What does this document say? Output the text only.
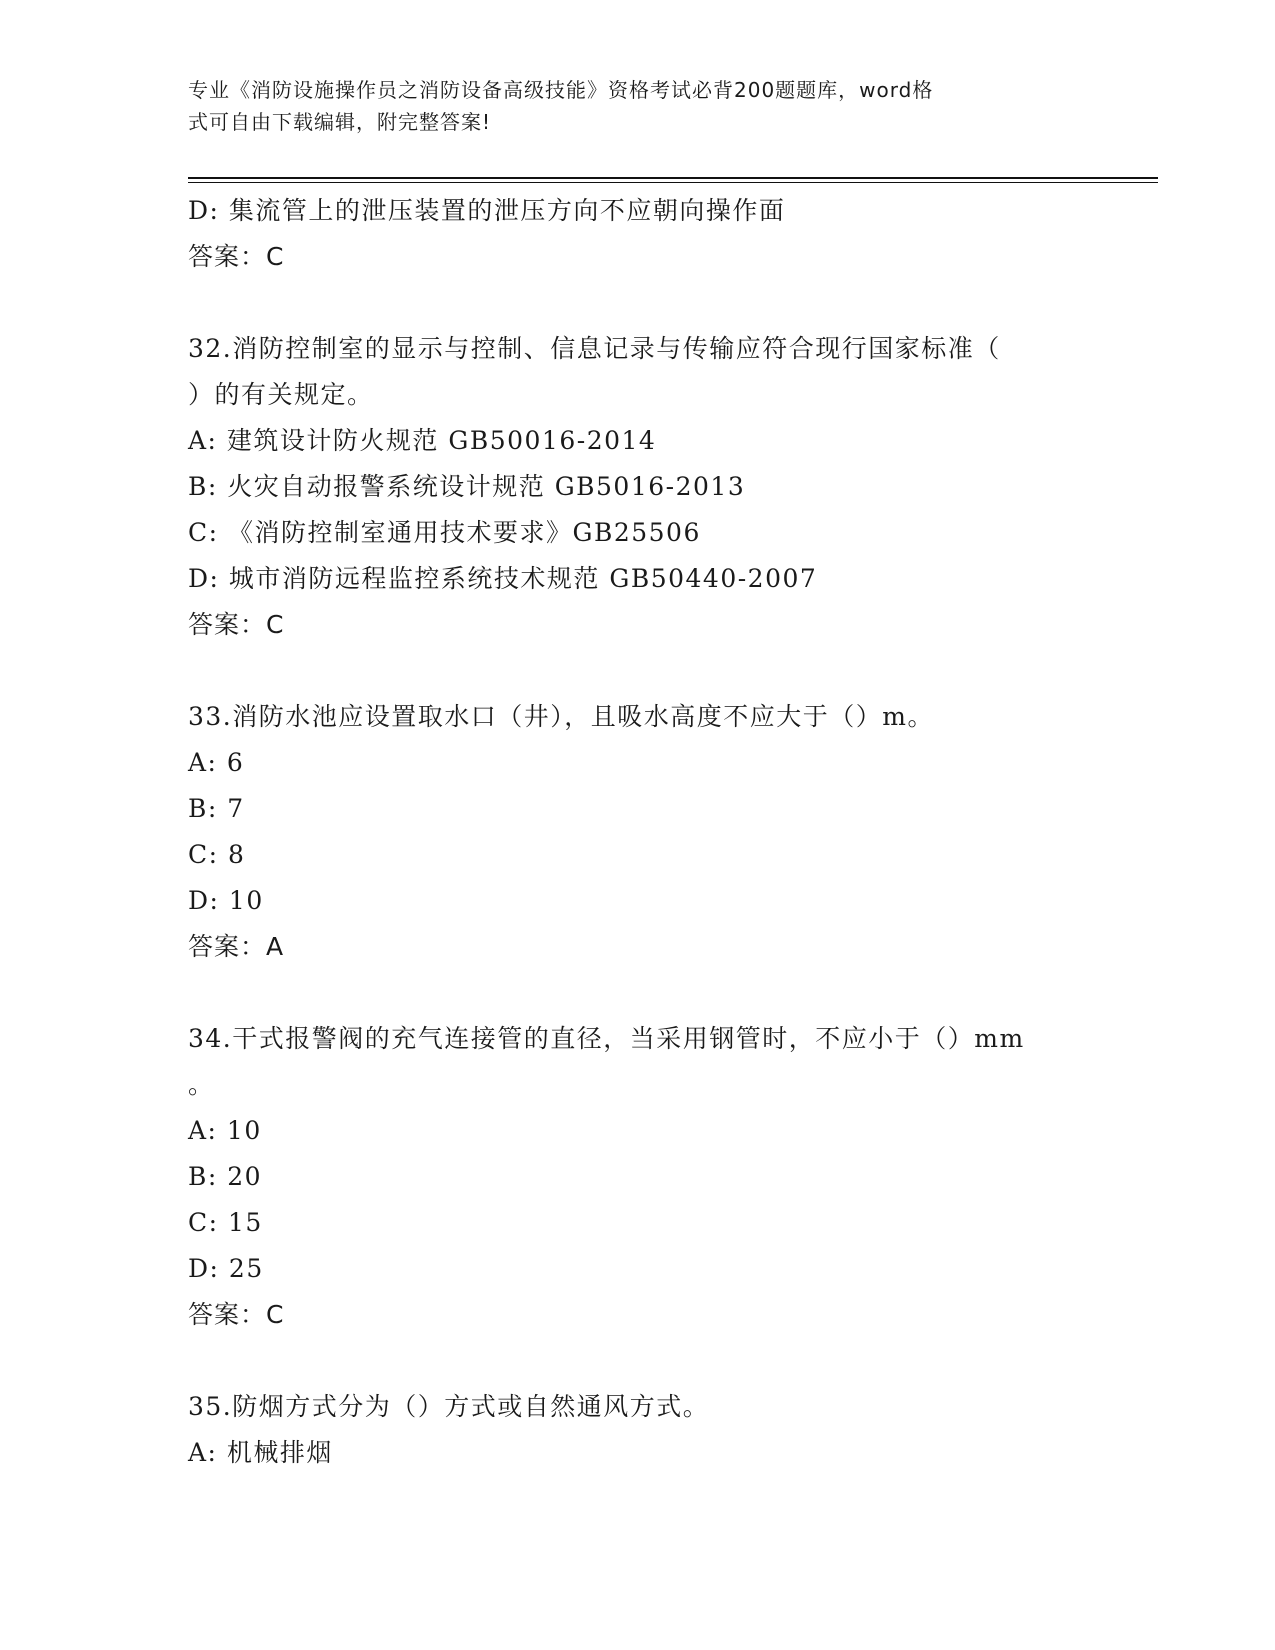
专业《消防设施操作员之消防设备高级技能》资格考试必背200题题库，word格
式可自由下载编辑，附完整答案!
D: 集流管上的泄压装置的泄压方向不应朝向操作面
答案：C
32.消防控制室的显示与控制、信息记录与传输应符合现行国家标准（
）的有关规定。
A: 建筑设计防火规范 GB50016-2014
B: 火灾自动报警系统设计规范 GB5016-2013
C: 《消防控制室通用技术要求》GB25506
D: 城市消防远程监控系统技术规范 GB50440-2007
答案：C
33.消防水池应设置取水口（井），且吸水高度不应大于（）m。
A: 6
B: 7
C: 8
D: 10
答案：A
34.干式报警阀的充气连接管的直径，当采用钢管时，不应小于（）mm
。
A: 10
B: 20
C: 15
D: 25
答案：C
35.防烟方式分为（）方式或自然通风方式。
A: 机械排烟
